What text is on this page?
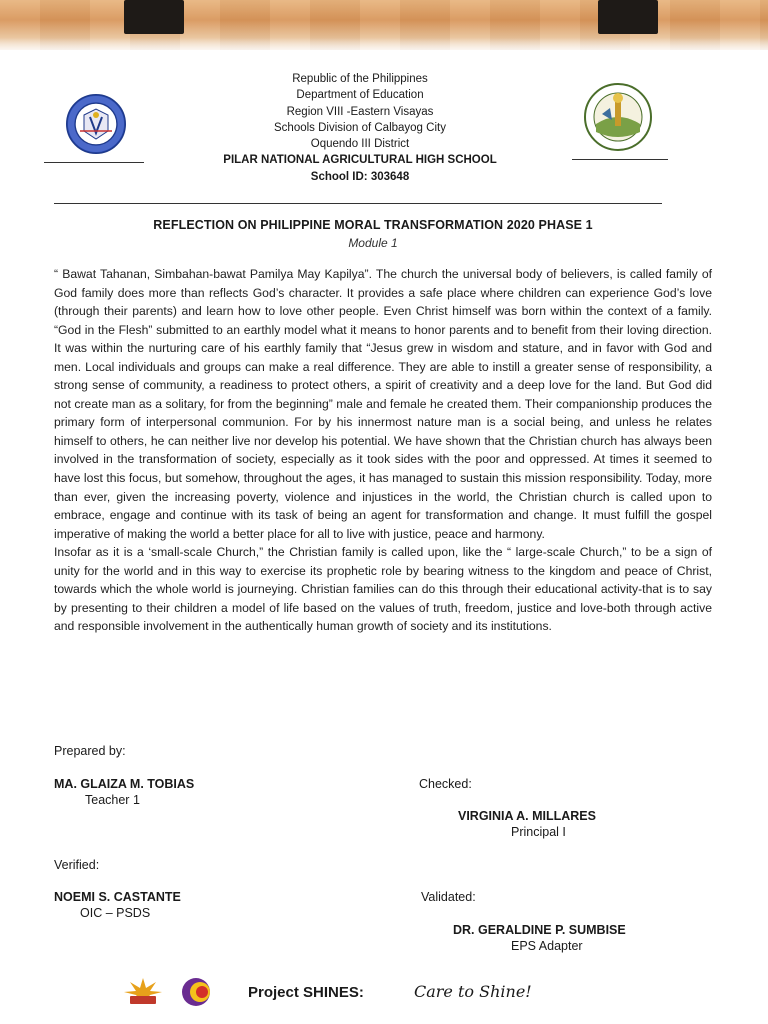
Republic of the Philippines
Department of Education
Region VIII -Eastern Visayas
Schools Division of Calbayog City
Oquendo III District
PILAR NATIONAL AGRICULTURAL HIGH SCHOOL
School ID: 303648
REFLECTION ON PHILIPPINE MORAL TRANSFORMATION 2020 PHASE 1
Module 1

“ Bawat Tahanan, Simbahan-bawat Pamilya May Kapilya”. The church the universal body of believers, is called family of God family does more than reflects God’s character. It provides a safe place where children can experience God’s love (through their parents) and learn how to love other people. Even Christ himself was born within the context of a family. “God in the Flesh” submitted to an earthly model what it means to honor parents and to benefit from their loving direction. It was within the nurturing care of his earthly family that “Jesus grew in wisdom and stature, and in favor with God and men. Local individuals and groups can make a real difference. They are able to instill a greater sense of responsibility, a strong sense of community, a readiness to protect others, a spirit of creativity and a deep love for the land. But God did not create man as a solitary, for from the beginning” male and female he created them. Their companionship produces the primary form of interpersonal communion. For by his innermost nature man is a social being, and unless he relates himself to others, he can neither live nor develop his potential. We have shown that the Christian church has always been involved in the transformation of society, especially as it took sides with the poor and oppressed. At times it seemed to have lost this focus, but somehow, throughout the ages, it has managed to sustain this mission responsibility. Today, more than ever, given the increasing poverty, violence and injustices in the world, the Christian church is called upon to embrace, engage and continue with its task of being an agent for transformation and change. It must fulfill the gospel imperative of making the world a better place for all to live with justice, peace and harmony.

Insofar as it is a ‘small-scale Church,” the Christian family is called upon, like the “ large-scale Church,” to be a sign of unity for the world and in this way to exercise its prophetic role by bearing witness to the kingdom and peace of Christ, towards which the whole world is journeying. Christian families can do this through their educational activity-that is to say by presenting to their children a model of life based on the values of truth, freedom, justice and love-both through active and responsible involvement in the authentically human growth of society and its institutions.

Prepared by:
MA. GLAIZA M. TOBIAS
Teacher 1
Checked:
VIRGINIA A. MILLARES
Principal I
Verified:
NOEMI S. CASTANTE
OIC – PSDS
Validated:
DR. GERALDINE P. SUMBISE
EPS Adapter
Project SHINES:	Care to Shine!
